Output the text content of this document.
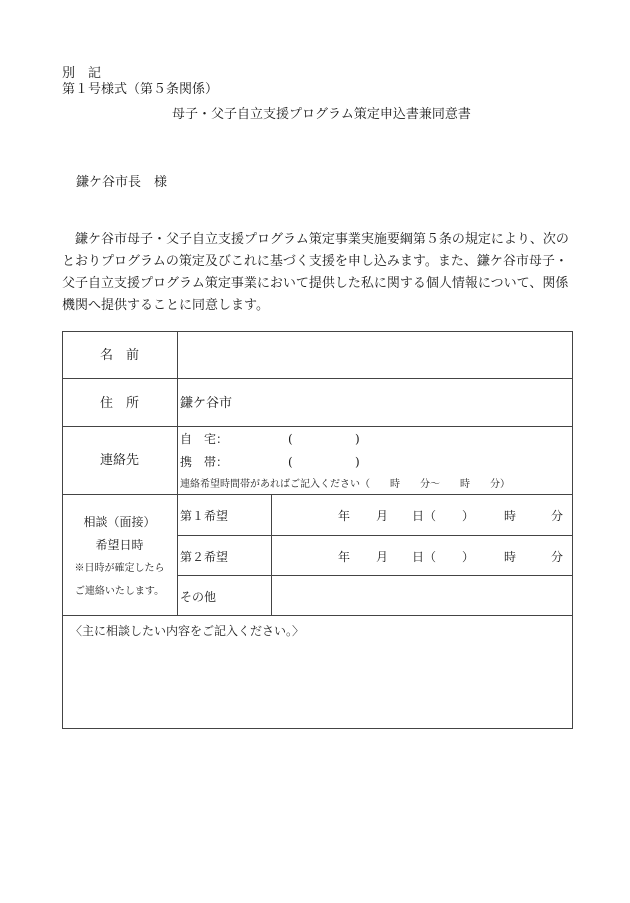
別　記
第１号様式（第５条関係）
母子・父子自立支援プログラム策定申込書兼同意書
鎌ケ谷市長　様
鎌ケ谷市母子・父子自立支援プログラム策定事業実施要綱第５条の規定により、次のとおりプログラムの策定及びこれに基づく支援を申し込みます。また、鎌ケ谷市母子・父子自立支援プログラム策定事業において提供した私に関する個人情報について、関係機関へ提供することに同意します。
名　前
住　所	鎌ケ谷市
連絡先
自　宅：	(	)
携　帯：	(	)
連絡希望時間帯があればご記入ください（　　時　　分〜　　時　　分）
相談（面接）
希望日時
※日時が確定したら
ご連絡いたします。
第１希望	年 月 日（ ） 時	分
第２希望	年 月 日（ ） 時	分
その他
〈主に相談したい内容をご記入ください。〉
